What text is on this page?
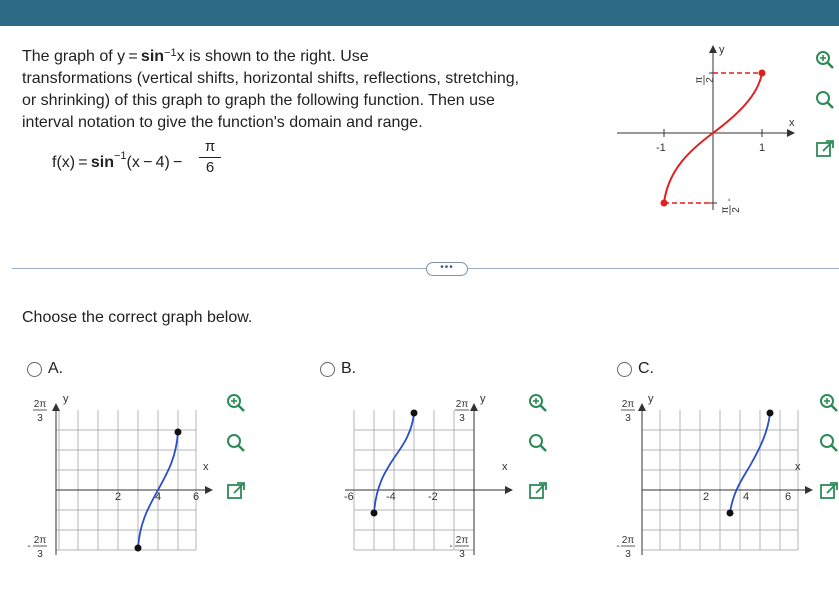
The graph of $y = \sin^{-1}x$ is shown to the right. Use
transformations (vertical shifts, horizontal shifts, reflections, stretching,
or shrinking) of this graph to graph the following function. Then use
interval notation to give the function's domain and range.
$f(x) = \sin^{-1}(x - 4)$ −
π
6
y
x
-1	1
π 2
-
π 2
•••
Choose the correct graph below.
A.	B.	C.
y
x
2	4	6
2π
3
-
2π
3
y
x
-6	-4	-2
2π
3
-
2π
3
y
x
2	4	6
2π
3
-
2π
3
